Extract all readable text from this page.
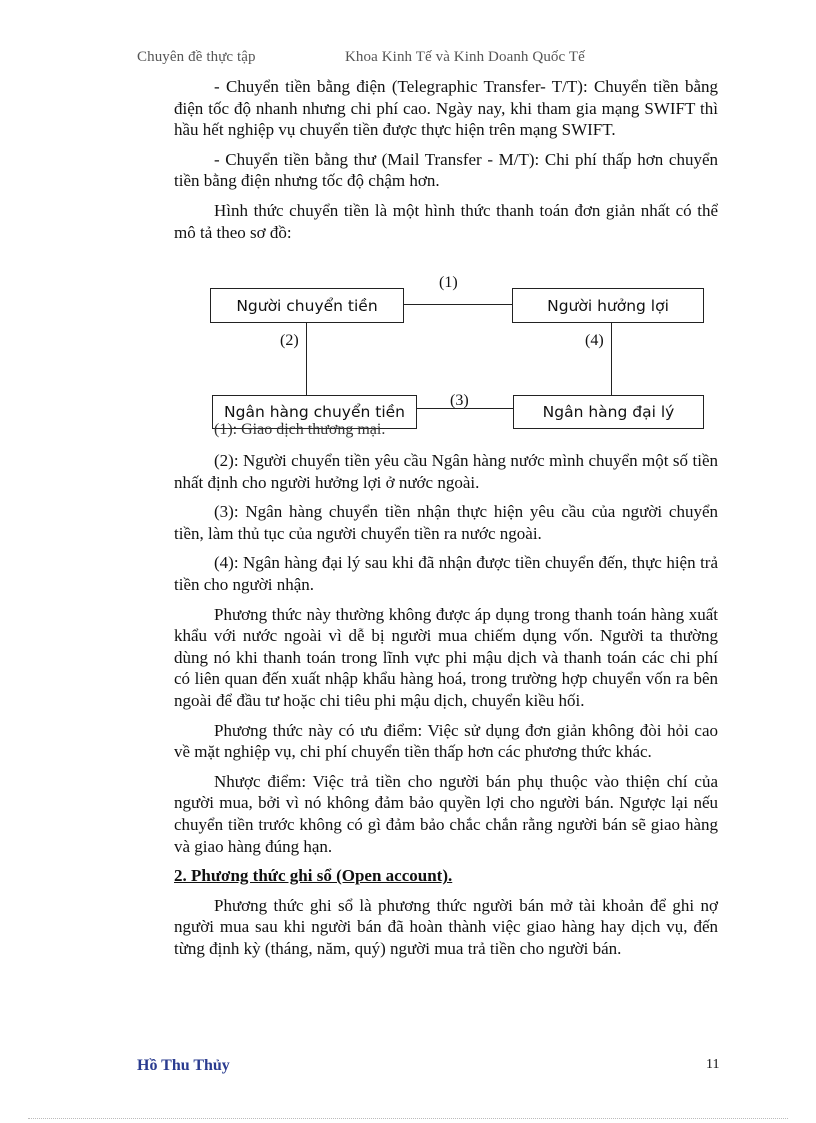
Chuyên đề thực tập	Khoa Kinh Tế và Kinh Doanh Quốc Tế

- Chuyển tiền bằng điện (Telegraphic Transfer- T/T): Chuyển tiền bằng điện tốc độ nhanh nhưng chi phí cao. Ngày nay, khi tham gia mạng SWIFT thì hầu hết nghiệp vụ chuyển tiền được thực hiện trên mạng SWIFT.

- Chuyển tiền bằng thư (Mail Transfer - M/T): Chi phí thấp hơn chuyển tiền bằng điện nhưng tốc độ chậm hơn.

Hình thức chuyển tiền là một hình thức thanh toán đơn giản nhất có thể mô tả theo sơ đồ:

Người chuyển tiền	Người hưởng lợi
Ngân hàng chuyển tiền	Ngân hàng đại lý
(1)
(2)
(3)
(4)
(1): Giao dịch thương mại.

(2): Người chuyển tiền yêu cầu Ngân hàng nước mình chuyển một số tiền nhất định cho người hưởng lợi ở nước ngoài.

(3): Ngân hàng chuyển tiền nhận thực hiện yêu cầu của người chuyển tiền, làm thủ tục của người chuyển tiền ra nước ngoài.

(4): Ngân hàng đại lý sau khi đã nhận được tiền chuyển đến, thực hiện trả tiền cho người nhận.

Phương thức này thường không được áp dụng trong thanh toán hàng xuất khẩu với nước ngoài vì dễ bị người mua chiếm dụng vốn. Người ta thường dùng nó khi thanh toán trong lĩnh vực phi mậu dịch và thanh toán các chi phí có liên quan đến xuất nhập khẩu hàng hoá, trong trường hợp chuyển vốn ra bên ngoài để đầu tư hoặc chi tiêu phi mậu dịch, chuyển kiều hối.

Phương thức này có ưu điểm: Việc sử dụng đơn giản không đòi hỏi cao về mặt nghiệp vụ, chi phí chuyển tiền thấp hơn các phương thức khác.

Nhược điểm: Việc trả tiền cho người bán phụ thuộc vào thiện chí của người mua, bởi vì nó không đảm bảo quyền lợi cho người bán. Ngược lại nếu chuyển tiền trước không có gì đảm bảo chắc chắn rằng người bán sẽ giao hàng và giao hàng đúng hạn.

2. Phương thức ghi sổ (Open account).

Phương thức ghi sổ là phương thức người bán mở tài khoản để ghi nợ người mua sau khi người bán đã hoàn thành việc giao hàng hay dịch vụ, đến từng định kỳ (tháng, năm, quý) người mua trả tiền cho người bán.

Hồ Thu Thủy	11
